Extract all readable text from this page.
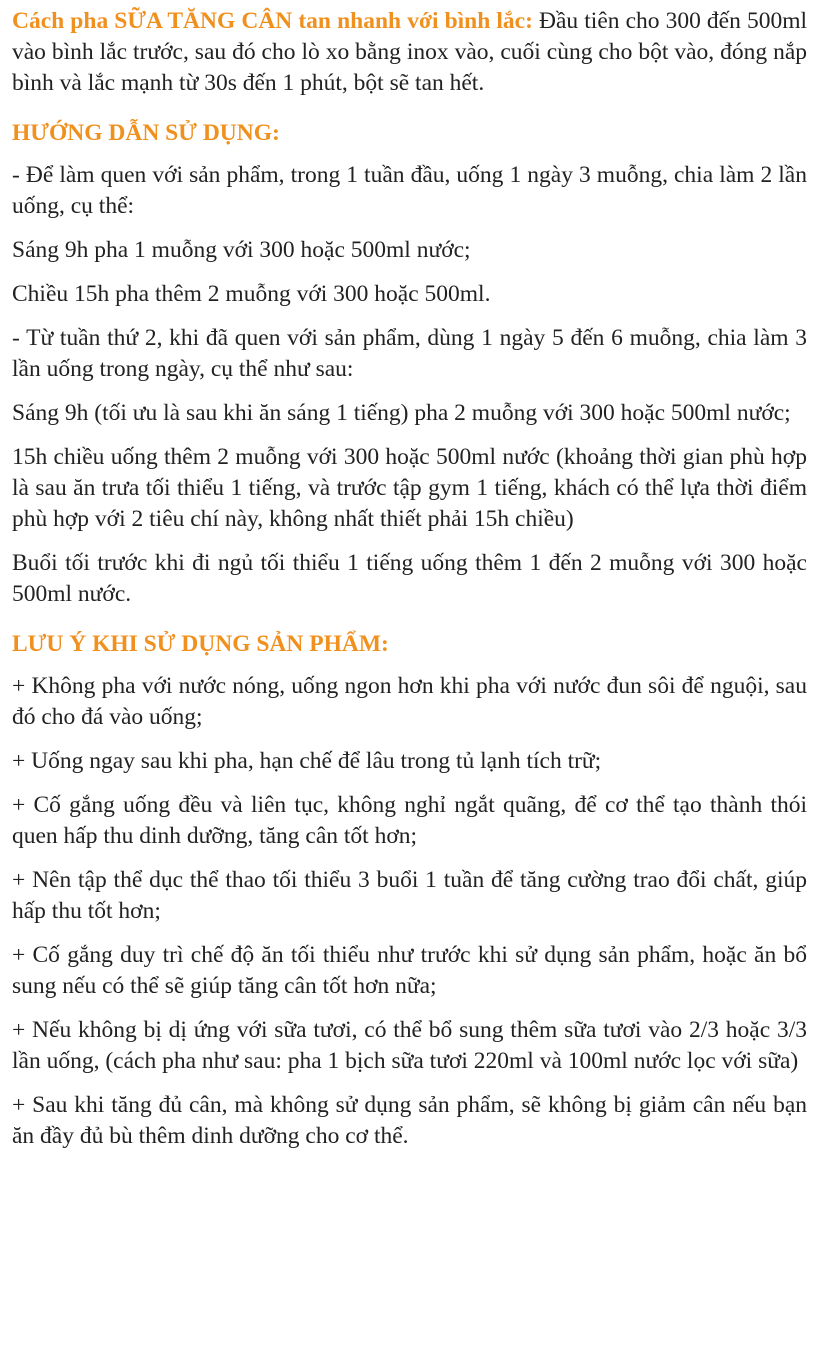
Cách pha SỮA TĂNG CÂN tan nhanh với bình lắc: Đầu tiên cho 300 đến 500ml vào bình lắc trước, sau đó cho lò xo bằng inox vào, cuối cùng cho bột vào, đóng nắp bình và lắc mạnh từ 30s đến 1 phút, bột sẽ tan hết.

HƯỚNG DẪN SỬ DỤNG:

- Để làm quen với sản phẩm, trong 1 tuần đầu, uống 1 ngày 3 muỗng, chia làm 2 lần uống, cụ thể:

Sáng 9h pha 1 muỗng với 300 hoặc 500ml nước;

Chiều 15h pha thêm 2 muỗng với 300 hoặc 500ml.

- Từ tuần thứ 2, khi đã quen với sản phẩm, dùng 1 ngày 5 đến 6 muỗng, chia làm 3 lần uống trong ngày, cụ thể như sau:

Sáng 9h (tối ưu là sau khi ăn sáng 1 tiếng) pha 2 muỗng với 300 hoặc 500ml nước;

15h chiều uống thêm 2 muỗng với 300 hoặc 500ml nước (khoảng thời gian phù hợp là sau ăn trưa tối thiểu 1 tiếng, và trước tập gym 1 tiếng, khách có thể lựa thời điểm phù hợp với 2 tiêu chí này, không nhất thiết phải 15h chiều)

Buổi tối trước khi đi ngủ tối thiểu 1 tiếng uống thêm 1 đến 2 muỗng với 300 hoặc 500ml nước.

LƯU Ý KHI SỬ DỤNG SẢN PHẨM:

+ Không pha với nước nóng, uống ngon hơn khi pha với nước đun sôi để nguội, sau đó cho đá vào uống;

+ Uống ngay sau khi pha, hạn chế để lâu trong tủ lạnh tích trữ;

+ Cố gắng uống đều và liên tục, không nghỉ ngắt quãng, để cơ thể tạo thành thói quen hấp thu dinh dưỡng, tăng cân tốt hơn;

+ Nên tập thể dục thể thao tối thiểu 3 buổi 1 tuần để tăng cường trao đổi chất, giúp hấp thu tốt hơn;

+ Cố gắng duy trì chế độ ăn tối thiểu như trước khi sử dụng sản phẩm, hoặc ăn bổ sung nếu có thể sẽ giúp tăng cân tốt hơn nữa;

+ Nếu không bị dị ứng với sữa tươi, có thể bổ sung thêm sữa tươi vào 2/3 hoặc 3/3 lần uống, (cách pha như sau: pha 1 bịch sữa tươi 220ml và 100ml nước lọc với sữa)

+ Sau khi tăng đủ cân, mà không sử dụng sản phẩm, sẽ không bị giảm cân nếu bạn ăn đầy đủ bù thêm dinh dưỡng cho cơ thể.
